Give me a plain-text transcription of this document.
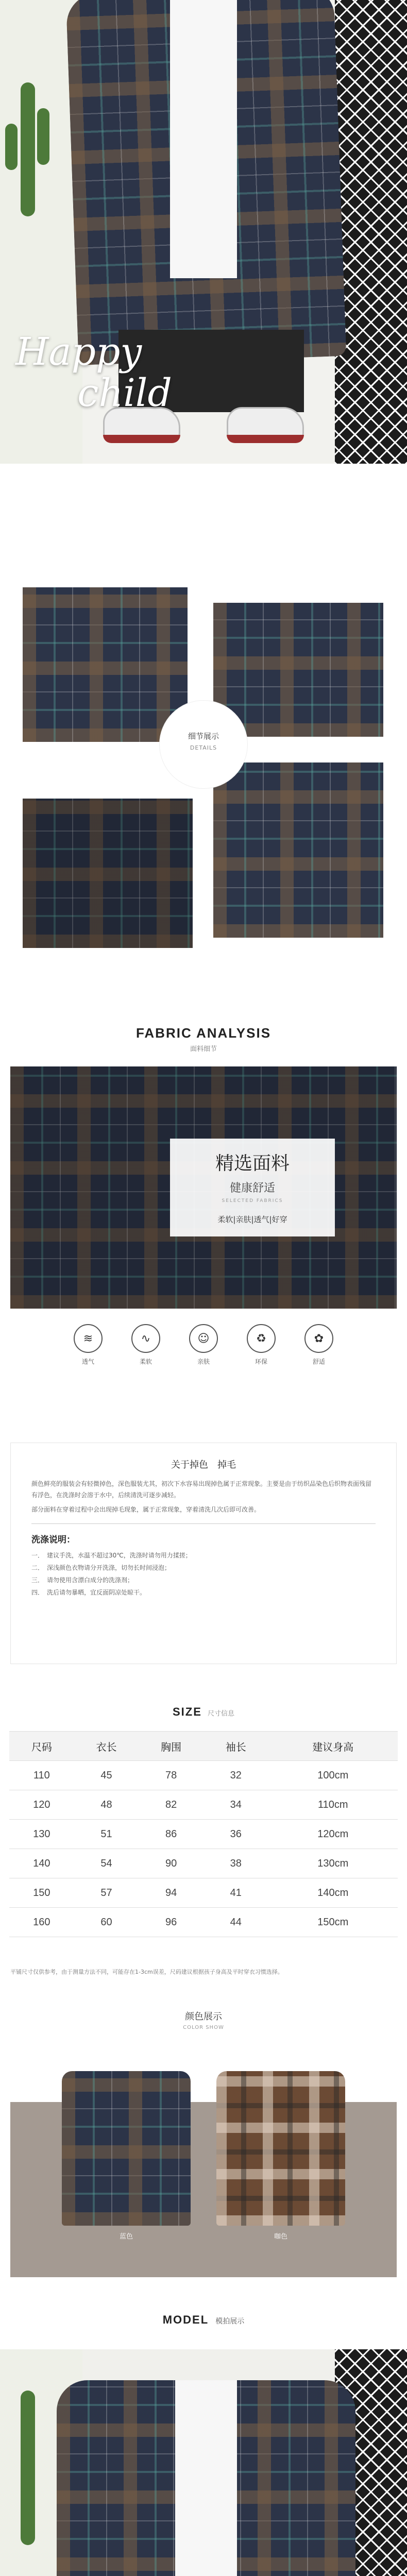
Happy
child
细节展示
DETAILS
FABRIC ANALYSIS
面料细节
精选面料
健康舒适
SELECTED FABRICS
柔软|亲肤|透气|好穿
≋
透气
∿
柔软
☺
亲肤
♻
环保
✿
舒适
关于掉色　掉毛

颜色鲜亮的服装会有轻微掉色，深色服装尤其，初次下水容易出现掉色属于正常现象。主要是由于纺织品染色后织物表面残留有浮色，在洗涤时会溶于水中，后续清洗可逐步减轻。

部分面料在穿着过程中会出现掉毛现象，属于正常现象，穿着清洗几次后即可改善。

洗涤说明：
一．　建议手洗，水温不超过30℃，洗涤时请勿用力揉搓；
二．　深浅颜色衣物请分开洗涤，切勿长时间浸泡；
三．　请勿使用含漂白成分的洗涤剂；
四．　洗后请勿暴晒，宜反面阴凉处晾干。
SIZE 尺寸信息
尺码	衣长	胸围	袖长	建议身高
110	45	78	32	100cm
120	48	82	34	110cm
130	51	86	36	120cm
140	54	90	38	130cm
150	57	94	41	140cm
160	60	96	44	150cm
平铺尺寸仅供参考，由于测量方法不同，可能存在1-3cm误差，尺码建议根据孩子身高及平时穿衣习惯选择。
颜色展示
COLOR SHOW
蓝色	咖色
MODEL 模拍展示
